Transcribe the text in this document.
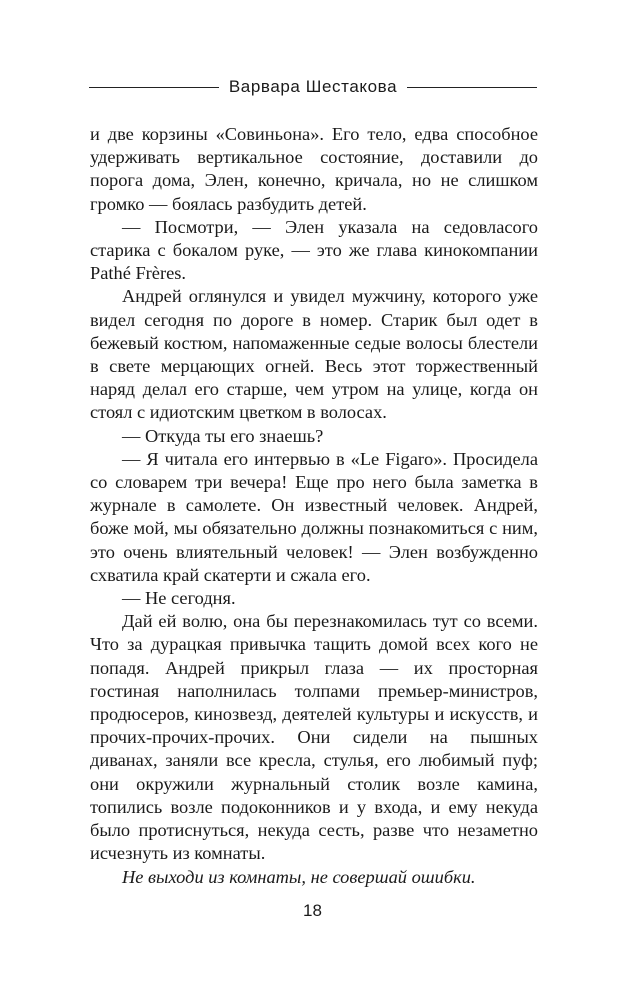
Варвара Шестакова

и две корзины «Совиньона». Его тело, едва способное удерживать вертикальное состояние, доставили до порога дома, Элен, конечно, кричала, но не слишком громко — боялась разбудить детей.

— Посмотри, — Элен указала на седовласого старика с бокалом руке, — это же глава кинокомпании Pathé Frères.

Андрей оглянулся и увидел мужчину, которого уже видел сегодня по дороге в номер. Старик был одет в бежевый костюм, напомаженные седые волосы блестели в свете мерцающих огней. Весь этот торжественный наряд делал его старше, чем утром на улице, когда он стоял с идиотским цветком в волосах.

— Откуда ты его знаешь?

— Я читала его интервью в «Le Figaro». Просидела со словарем три вечера! Еще про него была заметка в журнале в самолете. Он известный человек. Андрей, боже мой, мы обязательно должны познакомиться с ним, это очень влиятельный человек! — Элен возбужденно схватила край скатерти и сжала его.

— Не сегодня.

Дай ей волю, она бы перезнакомилась тут со всеми. Что за дурацкая привычка тащить домой всех кого не попадя. Андрей прикрыл глаза — их просторная гостиная наполнилась толпами премьер-министров, продюсеров, кинозвезд, деятелей культуры и искусств, и прочих-прочих-прочих. Они сидели на пышных диванах, заняли все кресла, стулья, его любимый пуф; они окружили журнальный столик возле камина, топились возле подоконников и у входа, и ему некуда было протиснуться, некуда сесть, разве что незаметно исчезнуть из комнаты.

Не выходи из комнаты, не совершай ошибки.

18
